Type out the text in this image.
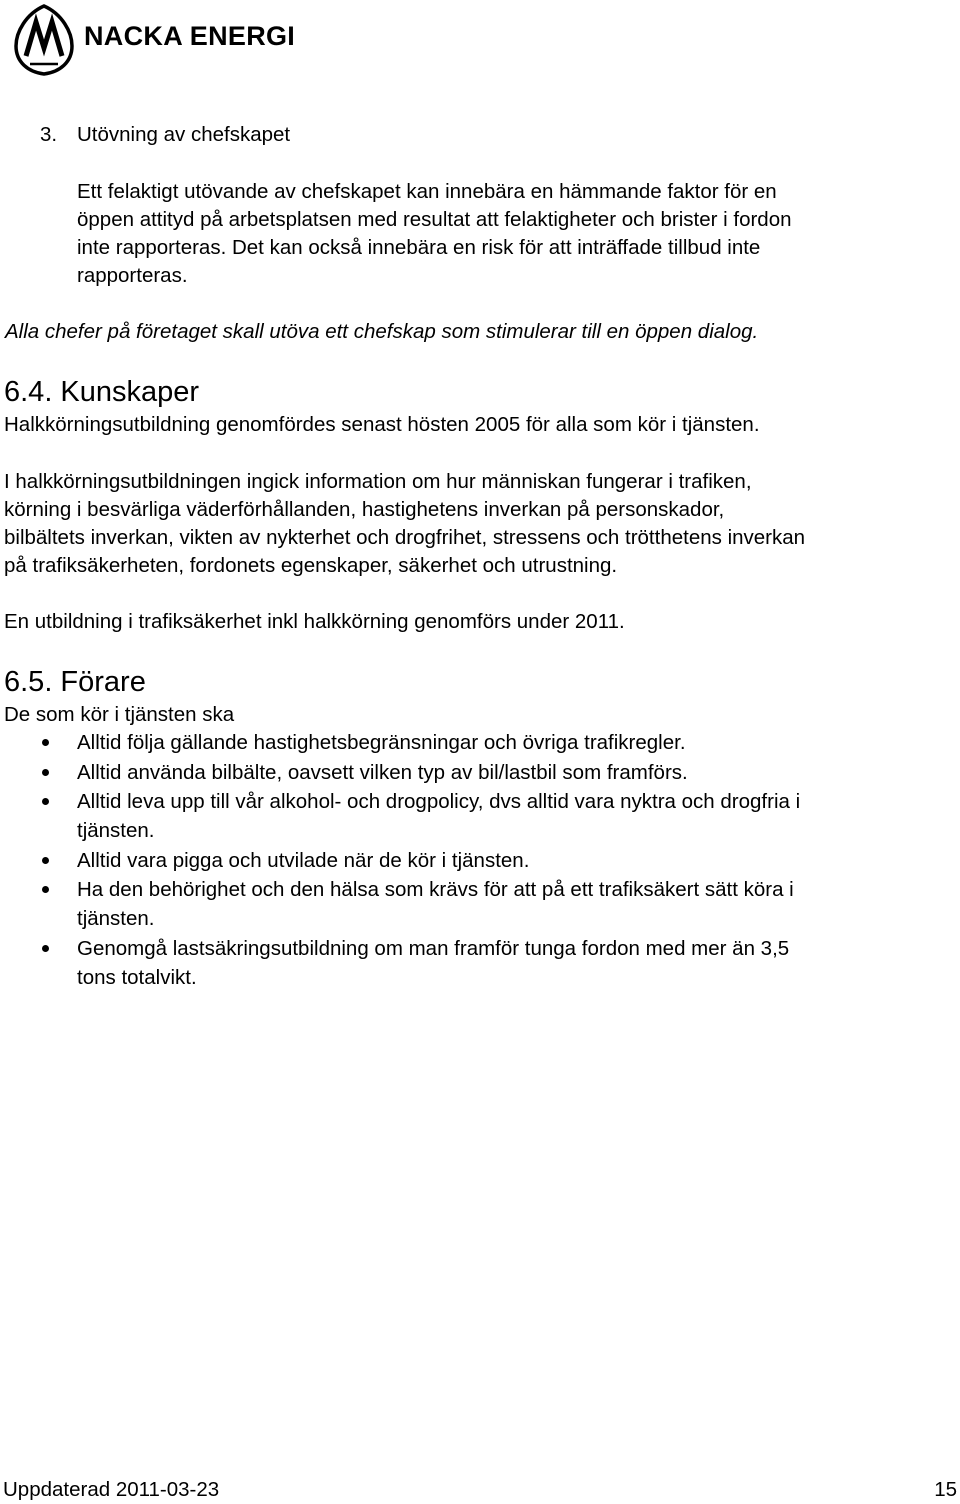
NACKA ENERGI
3. Utövning av chefskapet
Ett felaktigt utövande av chefskapet kan innebära en hämmande faktor för en
öppen attityd på arbetsplatsen med resultat att felaktigheter och brister i fordon
inte rapporteras. Det kan också innebära en risk för att inträffade tillbud inte
rapporteras.
Alla chefer på företaget skall utöva ett chefskap som stimulerar till en öppen dialog.
6.4. Kunskaper
Halkkörningsutbildning genomfördes senast hösten 2005 för alla som kör i tjänsten.
I halkkörningsutbildningen ingick information om hur människan fungerar i trafiken,
körning i besvärliga väderförhållanden, hastighetens inverkan på personskador,
bilbältets inverkan, vikten av nykterhet och drogfrihet, stressens och trötthetens inverkan
på trafiksäkerheten, fordonets egenskaper, säkerhet och utrustning.
En utbildning i trafiksäkerhet inkl halkkörning genomförs under 2011.
6.5. Förare
De som kör i tjänsten ska
Alltid följa gällande hastighetsbegränsningar och övriga trafikregler.
Alltid använda bilbälte, oavsett vilken typ av bil/lastbil som framförs.
Alltid leva upp till vår alkohol- och drogpolicy, dvs alltid vara nyktra och drogfria i
tjänsten.
Alltid vara pigga och utvilade när de kör i tjänsten.
Ha den behörighet och den hälsa som krävs för att på ett trafiksäkert sätt köra i
tjänsten.
Genomgå lastsäkringsutbildning om man framför tunga fordon med mer än 3,5
tons totalvikt.
Uppdaterad 2011-03-23	15
